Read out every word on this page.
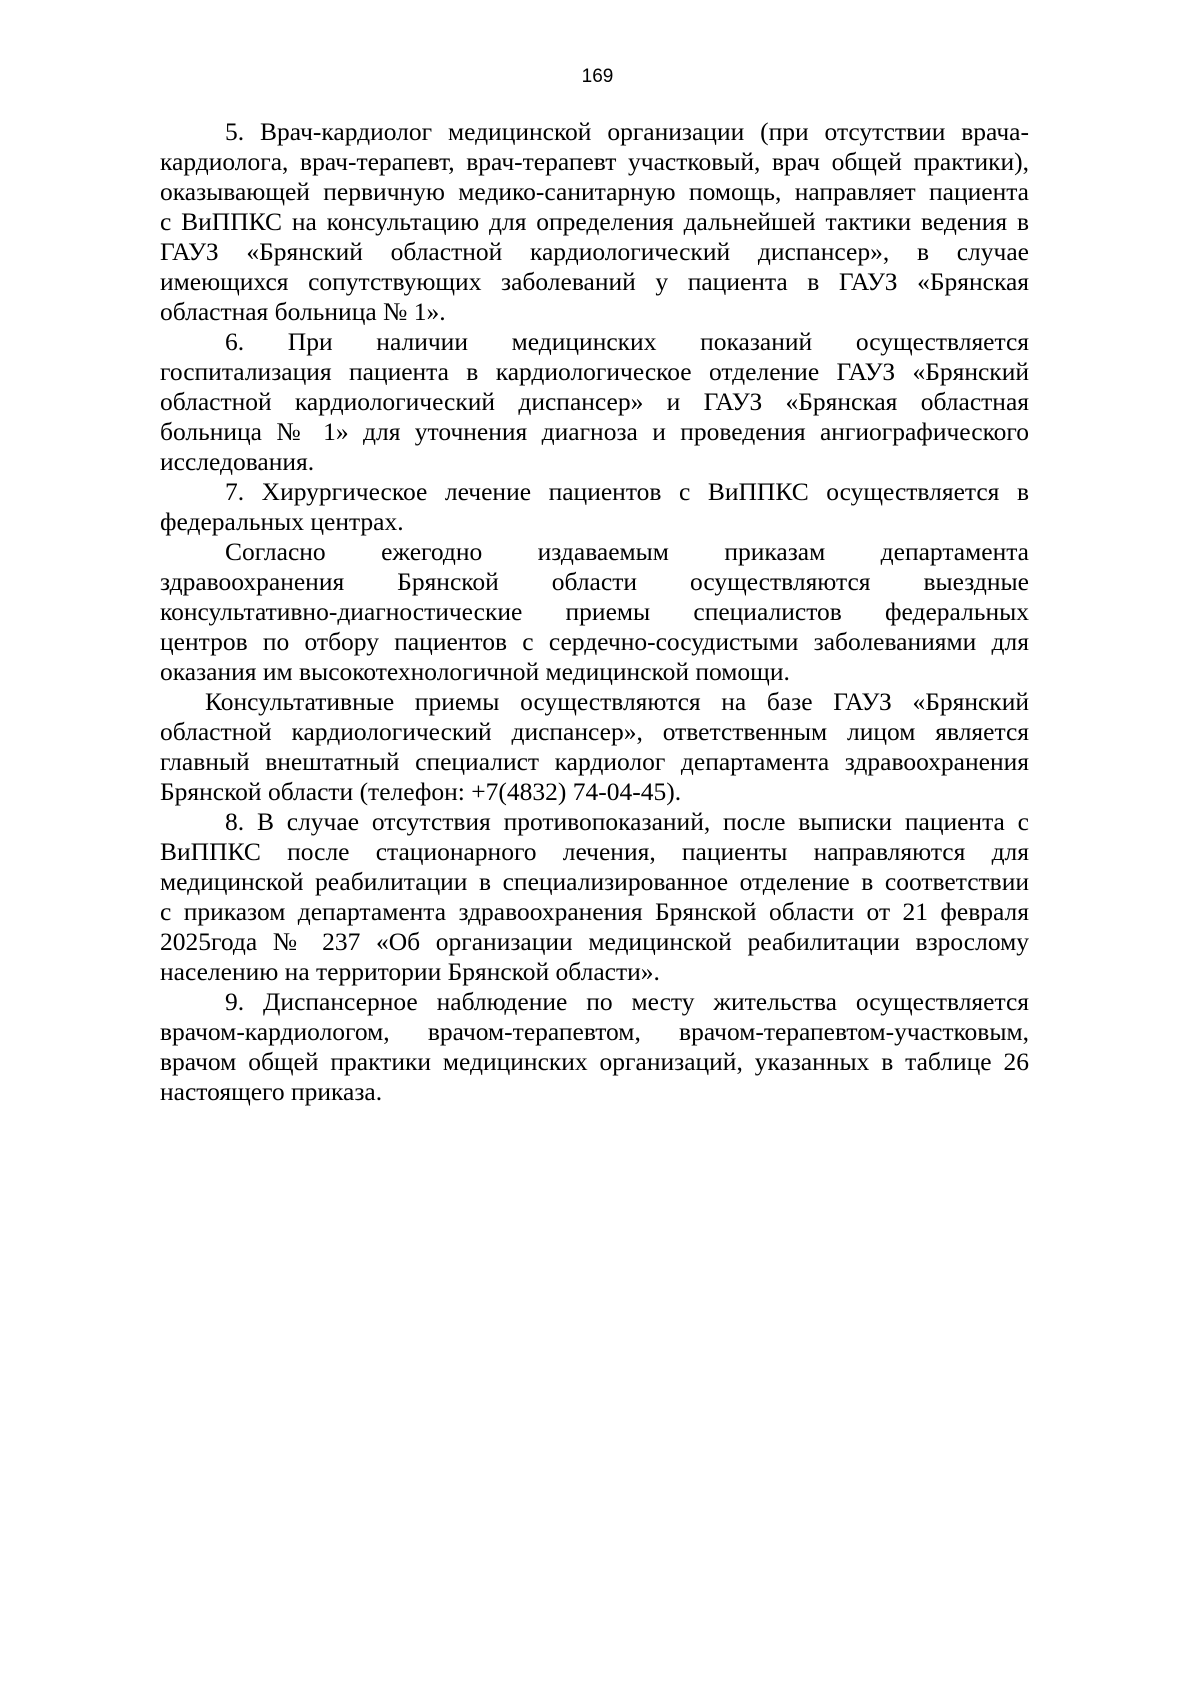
169
5. Врач-кардиолог медицинской организации (при отсутствии врача-
кардиолога, врач-терапевт, врач-терапевт участковый, врач общей практики),
оказывающей первичную медико-санитарную помощь, направляет пациента
с ВиППКС на консультацию для определения дальнейшей тактики ведения в
ГАУЗ «Брянский областной кардиологический диспансер», в случае
имеющихся сопутствующих заболеваний у пациента в ГАУЗ «Брянская
областная больница № 1».
6. При наличии медицинских показаний осуществляется
госпитализация пациента в кардиологическое отделение ГАУЗ «Брянский
областной кардиологический диспансер» и ГАУЗ «Брянская областная
больница № 1» для уточнения диагноза и проведения ангиографического
исследования.
7. Хирургическое лечение пациентов с ВиППКС осуществляется в
федеральных центрах.
Согласно ежегодно издаваемым приказам департамента
здравоохранения Брянской области осуществляются выездные
консультативно-диагностические приемы специалистов федеральных
центров по отбору пациентов с сердечно-сосудистыми заболеваниями для
оказания им высокотехнологичной медицинской помощи.
Консультативные приемы осуществляются на базе ГАУЗ «Брянский
областной кардиологический диспансер», ответственным лицом является
главный внештатный специалист кардиолог департамента здравоохранения
Брянской области (телефон: +7(4832) 74-04-45).
8. В случае отсутствия противопоказаний, после выписки пациента с
ВиППКС после стационарного лечения, пациенты направляются для
медицинской реабилитации в специализированное отделение в соответствии
с приказом департамента здравоохранения Брянской области от 21 февраля
2025года № 237 «Об организации медицинской реабилитации взрослому
населению на территории Брянской области».
9. Диспансерное наблюдение по месту жительства осуществляется
врачом-кардиологом, врачом-терапевтом, врачом-терапевтом-участковым,
врачом общей практики медицинских организаций, указанных в таблице 26
настоящего приказа.
